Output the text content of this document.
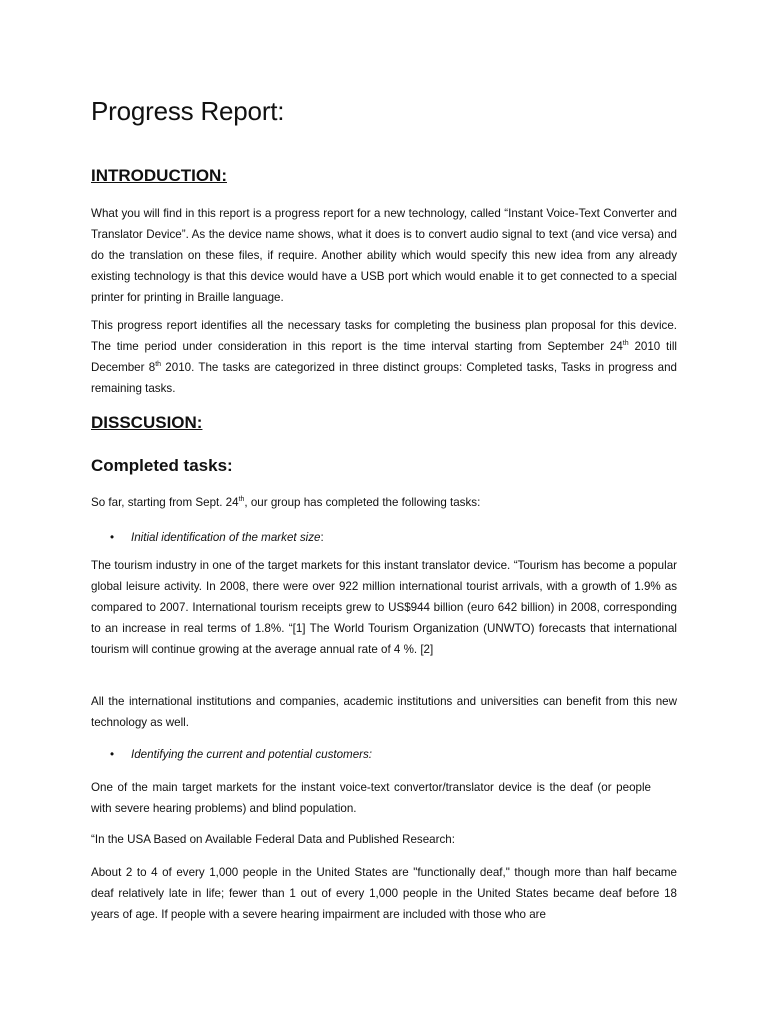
Progress Report:
INTRODUCTION:

What you will find in this report is a progress report for a new technology, called “Instant Voice-Text Converter and Translator Device”. As the device name shows, what it does is to convert audio signal to text (and vice versa) and do the translation on these files, if require. Another ability which would specify this new idea from any already existing technology is that this device would have a USB port which would enable it to get connected to a special printer for printing in Braille language.

This progress report identifies all the necessary tasks for completing the business plan proposal for this device. The time period under consideration in this report is the time interval starting from September 24th 2010 till December 8th 2010. The tasks are categorized in three distinct groups: Completed tasks, Tasks in progress and remaining tasks.

DISSCUSION:
Completed tasks:

So far, starting from Sept. 24th, our group has completed the following tasks:

• Initial identification of the market size:

The tourism industry in one of the target markets for this instant translator device. “Tourism has become a popular global leisure activity. In 2008, there were over 922 million international tourist arrivals, with a growth of 1.9% as compared to 2007. International tourism receipts grew to US$944 billion (euro 642 billion) in 2008, corresponding to an increase in real terms of 1.8%. “[1] The World Tourism Organization (UNWTO) forecasts that international tourism will continue growing at the average annual rate of 4 %. [2]

All the international institutions and companies, academic institutions and universities can benefit from this new technology as well.

• Identifying the current and potential customers:

One of the main target markets for the instant voice-text convertor/translator device is the deaf (or people with severe hearing problems) and blind population.

“In the USA Based on Available Federal Data and Published Research:

About 2 to 4 of every 1,000 people in the United States are "functionally deaf," though more than half became deaf relatively late in life; fewer than 1 out of every 1,000 people in the United States became deaf before 18 years of age. If people with a severe hearing impairment are included with those who are
